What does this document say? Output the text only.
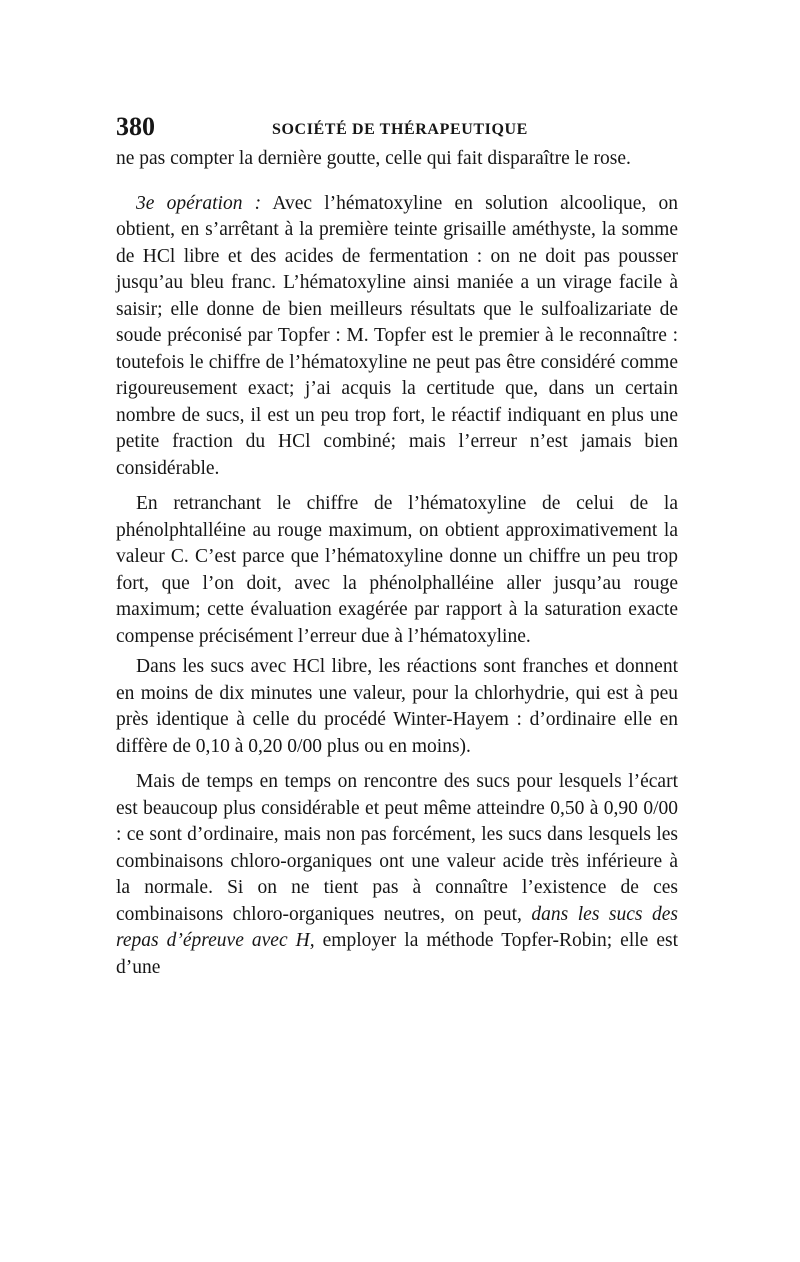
380	SOCIÉTÉ DE THÉRAPEUTIQUE

ne pas compter la dernière goutte, celle qui fait disparaître le rose.

3e opération : Avec l’hématoxyline en solution alcoolique, on obtient, en s’arrêtant à la première teinte grisaille améthyste, la somme de HCl libre et des acides de fermentation : on ne doit pas pousser jusqu’au bleu franc. L’hématoxyline ainsi maniée a un virage facile à saisir; elle donne de bien meilleurs résultats que le sulfoalizariate de soude préconisé par Topfer : M. Topfer est le premier à le reconnaître : toutefois le chiffre de l’hématoxyline ne peut pas être considéré comme rigoureusement exact; j’ai acquis la certitude que, dans un certain nombre de sucs, il est un peu trop fort, le réactif indiquant en plus une petite fraction du HCl combiné; mais l’erreur n’est jamais bien considérable.

En retranchant le chiffre de l’hématoxyline de celui de la phénolphtalléine au rouge maximum, on obtient approximativement la valeur C. C’est parce que l’hématoxyline donne un chiffre un peu trop fort, que l’on doit, avec la phénolphalléine aller jusqu’au rouge maximum; cette évaluation exagérée par rapport à la saturation exacte compense précisément l’erreur due à l’hématoxyline.

Dans les sucs avec HCl libre, les réactions sont franches et donnent en moins de dix minutes une valeur, pour la chlorhydrie, qui est à peu près identique à celle du procédé Winter-Hayem : d’ordinaire elle en diffère de 0,10 à 0,20 0/00 plus ou en moins).

Mais de temps en temps on rencontre des sucs pour lesquels l’écart est beaucoup plus considérable et peut même atteindre 0,50 à 0,90 0/00 : ce sont d’ordinaire, mais non pas forcément, les sucs dans lesquels les combinaisons chloro-organiques ont une valeur acide très inférieure à la normale. Si on ne tient pas à connaître l’existence de ces combinaisons chloro-organiques neutres, on peut, dans les sucs des repas d’épreuve avec H, employer la méthode Topfer-Robin; elle est d’une
